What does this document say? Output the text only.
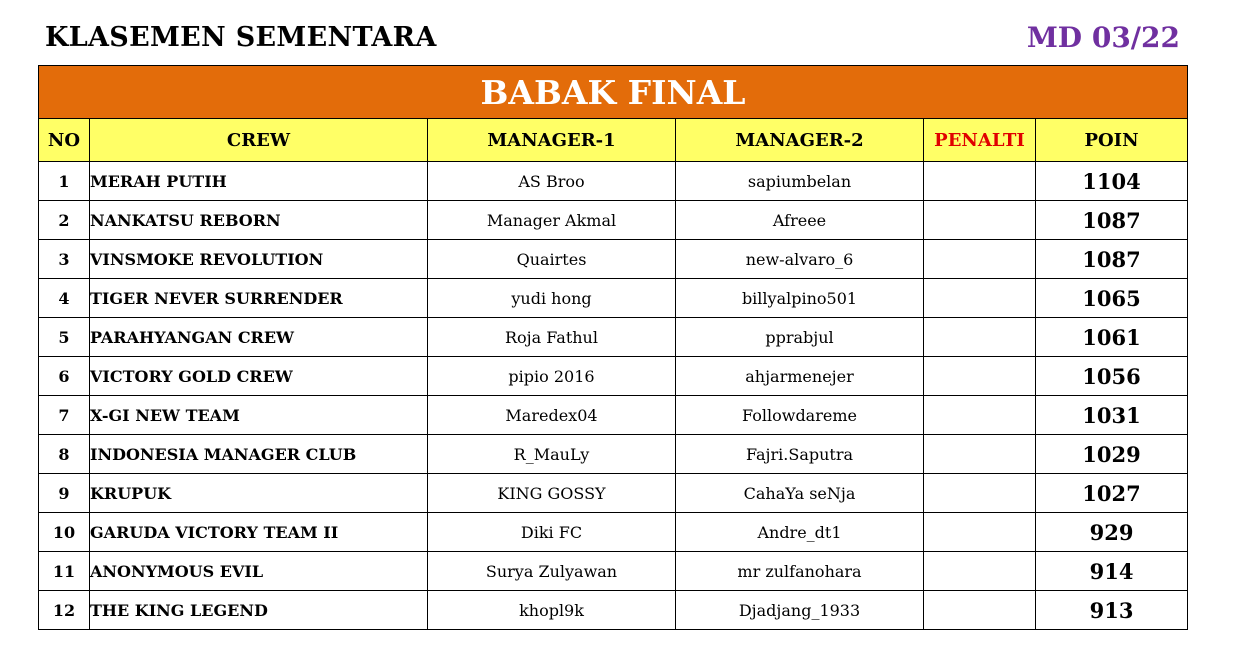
KLASEMEN SEMENTARA	MD 03/22
BABAK FINAL					
NO	CREW	MANAGER-1	MANAGER-2	PENALTI	POIN
1	MERAH PUTIH	AS Broo	sapiumbelan		1104
2	NANKATSU REBORN	Manager Akmal	Afreee		1087
3	VINSMOKE REVOLUTION	Quairtes	new-alvaro_6		1087
4	TIGER NEVER SURRENDER	yudi hong	billyalpino501		1065
5	PARAHYANGAN CREW	Roja Fathul	pprabjul		1061
6	VICTORY GOLD CREW	pipio 2016	ahjarmenejer		1056
7	X-GI NEW TEAM	Maredex04	Followdareme		1031
8	INDONESIA MANAGER CLUB	R_MauLy	Fajri.Saputra		1029
9	KRUPUK	KING GOSSY	CahaYa seNja		1027
10	GARUDA VICTORY TEAM II	Diki FC	Andre_dt1		929
11	ANONYMOUS EVIL	Surya Zulyawan	mr zulfanohara		914
12	THE KING LEGEND	khopl9k	Djadjang_1933		913
